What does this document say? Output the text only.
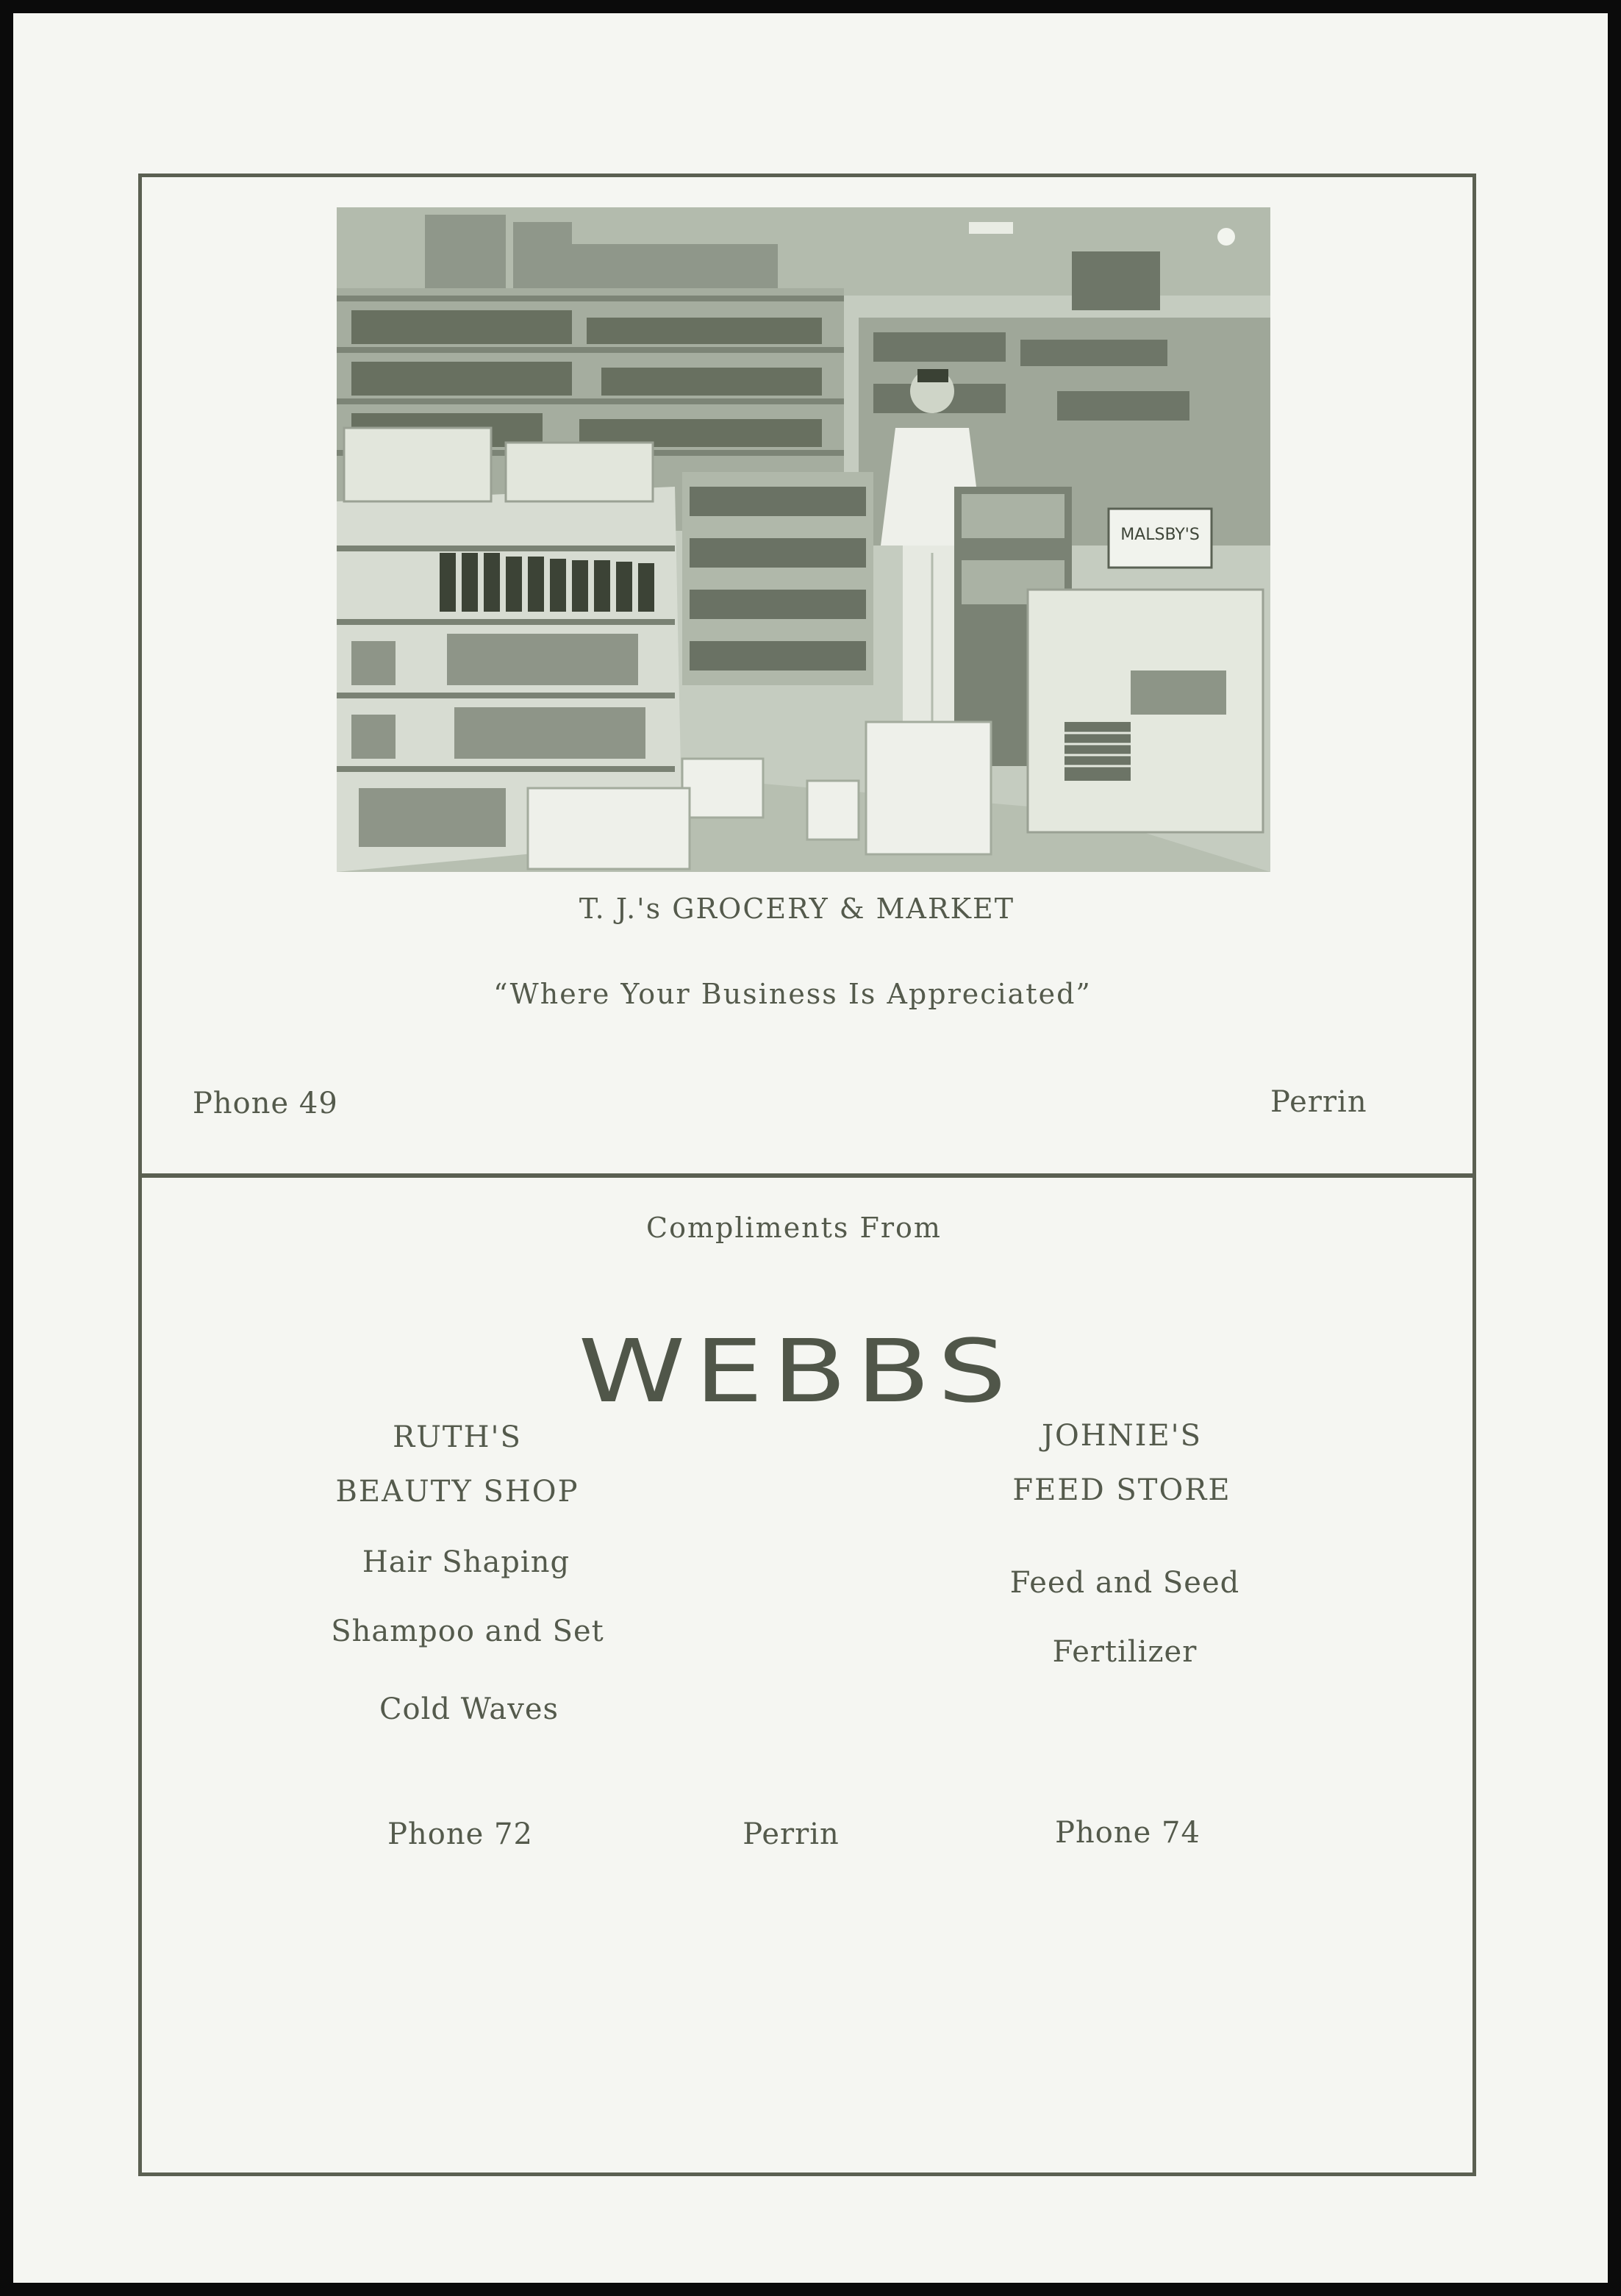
MALSBY'S
T. J.'s GROCERY & MARKET
“Where Your Business Is Appreciated”
Phone 49	Perrin
Compliments From
WEBBS
RUTH'S
BEAUTY SHOP
Hair Shaping
Shampoo and Set
Cold Waves
Phone 72
JOHNIE'S
FEED STORE
Feed and Seed
Fertilizer
Phone 74
Perrin
